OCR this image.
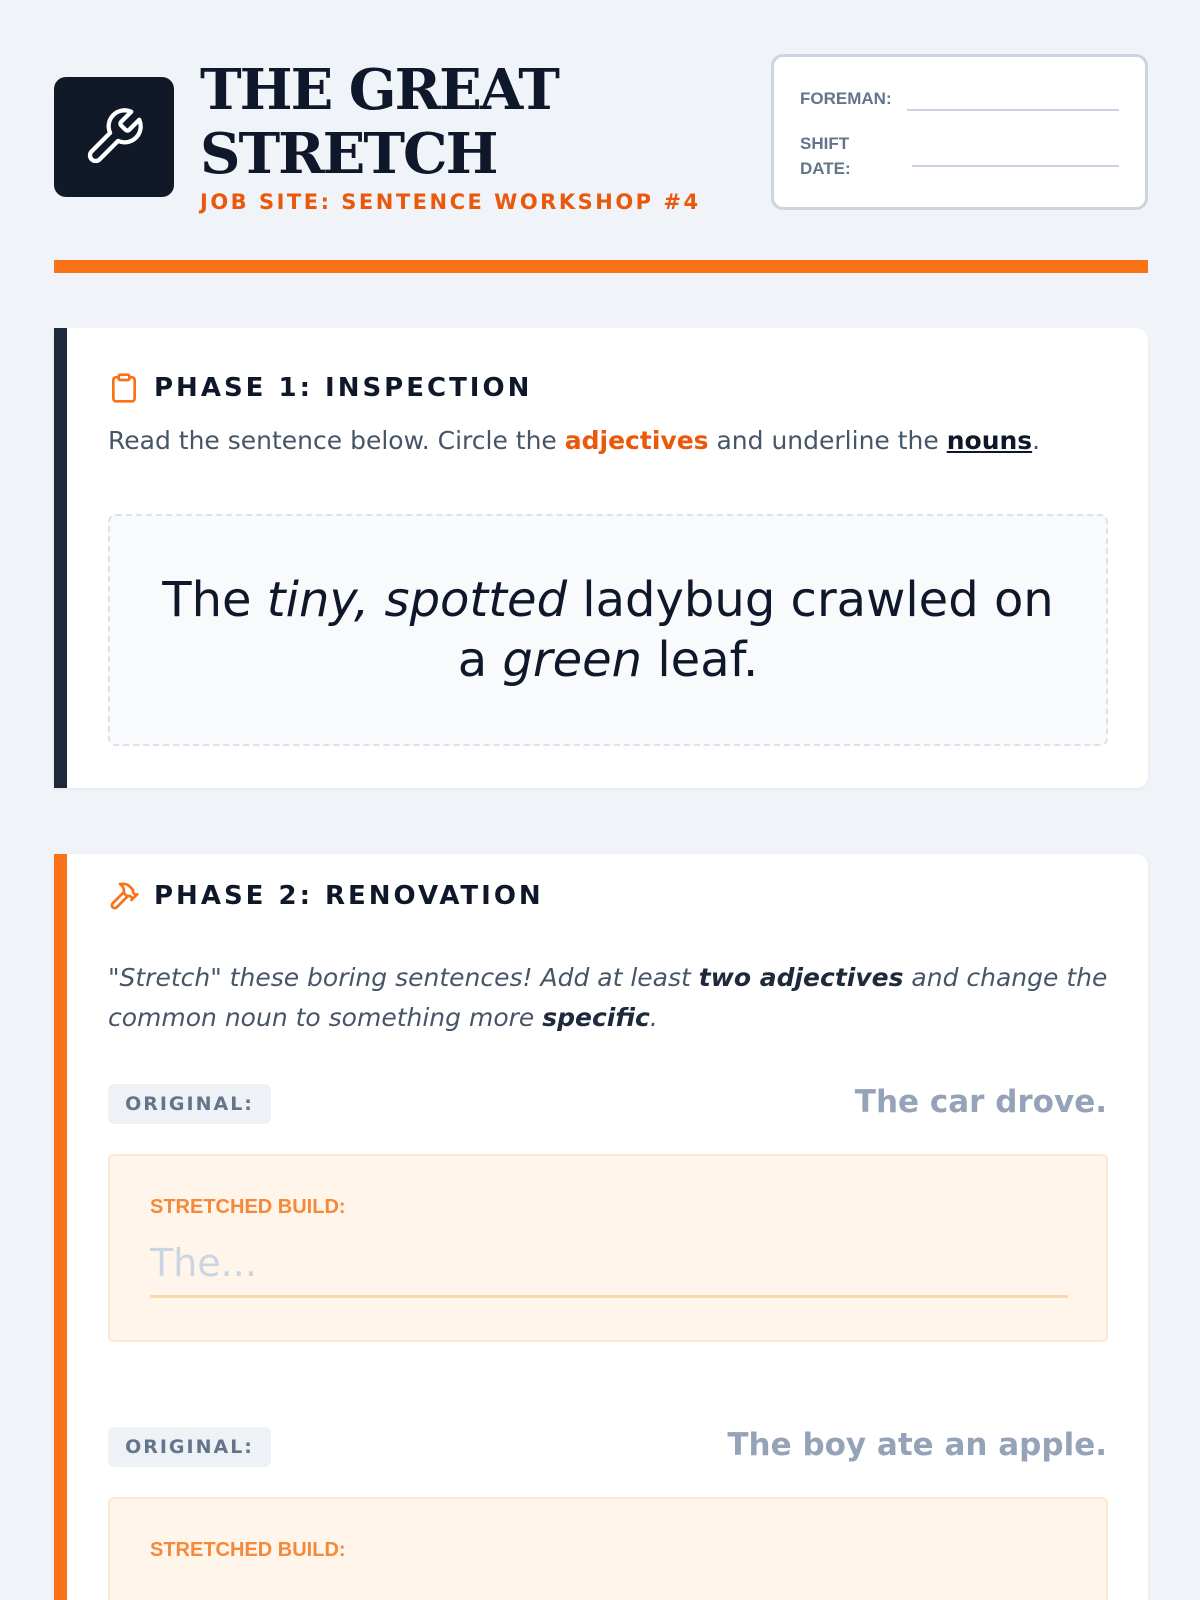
THE GREAT STRETCH
JOB SITE: SENTENCE WORKSHOP #4
FOREMAN:
SHIFT DATE:
PHASE 1: INSPECTION
Read the sentence below. Circle the adjectives and underline the nouns.
The tiny, spotted ladybug crawled on a green leaf.
PHASE 2: RENOVATION
"Stretch" these boring sentences! Add at least two adjectives and change the common noun to something more specific.
ORIGINAL:	The car drove.
STRETCHED BUILD:
The...
ORIGINAL:	The boy ate an apple.
STRETCHED BUILD:
